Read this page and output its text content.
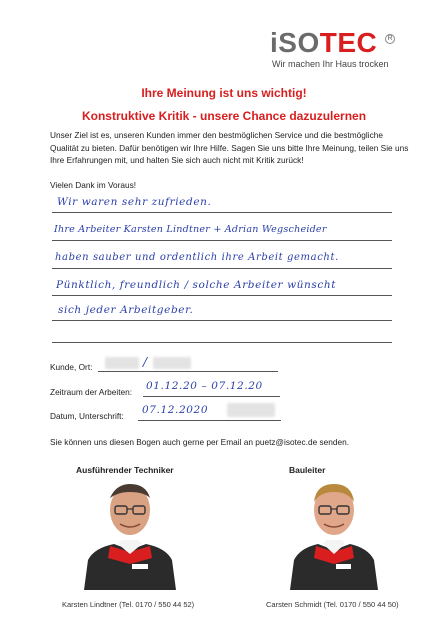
iSOTEC	R
Wir machen Ihr Haus trocken
Ihre Meinung ist uns wichtig!
Konstruktive Kritik - unsere Chance dazuzulernen
Unser Ziel ist es, unseren Kunden immer den bestmöglichen Service und die bestmögliche Qualität zu bieten. Dafür benötigen wir Ihre Hilfe. Sagen Sie uns bitte Ihre Meinung, teilen Sie uns Ihre Erfahrungen mit, und halten Sie sich auch nicht mit Kritik zurück!
Vielen Dank im Voraus!
Wir waren sehr zufrieden.
Ihre Arbeiter Karsten Lindtner + Adrian Wegscheider
haben sauber und ordentlich ihre Arbeit gemacht.
Pünktlich, freundlich / solche Arbeiter wünscht
sich jeder Arbeitgeber.
Kunde, Ort:	/
Zeitraum der Arbeiten: 01.12.20 – 07.12.20
Datum, Unterschrift: 07.12.2020
Sie können uns diesen Bogen auch gerne per Email an puetz@isotec.de senden.
Ausführender Techniker	Bauleiter
Karsten Lindtner (Tel. 0170 / 550 44 52)	Carsten Schmidt (Tel. 0170 / 550 44 50)
